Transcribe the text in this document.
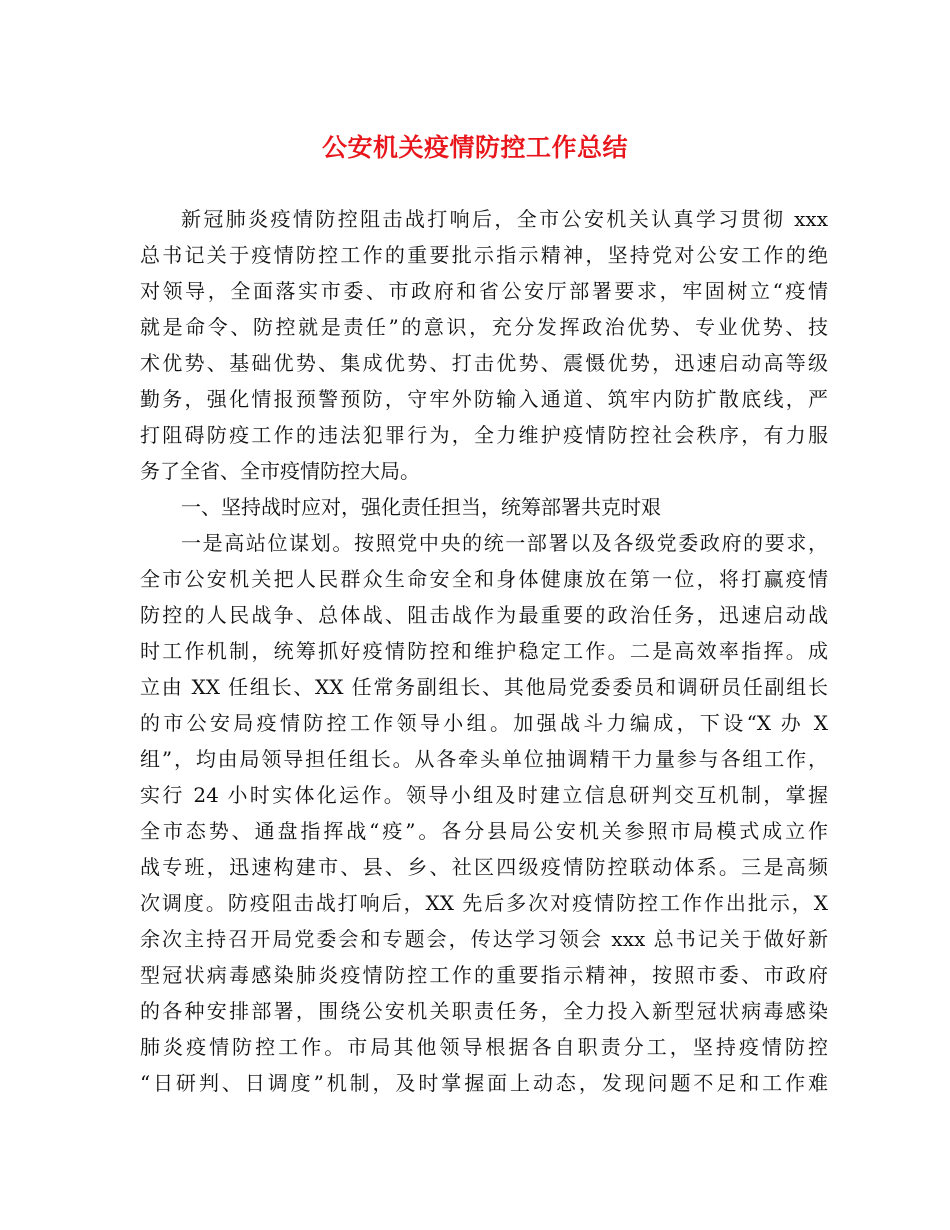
公安机关疫情防控工作总结
新冠肺炎疫情防控阻击战打响后，全市公安机关认真学习贯彻 xxx
总书记关于疫情防控工作的重要批示指示精神，坚持党对公安工作的绝
对领导，全面落实市委、市政府和省公安厅部署要求，牢固树立“疫情
就是命令、防控就是责任”的意识，充分发挥政治优势、专业优势、技
术优势、基础优势、集成优势、打击优势、震慑优势，迅速启动高等级
勤务，强化情报预警预防，守牢外防输入通道、筑牢内防扩散底线，严
打阻碍防疫工作的违法犯罪行为，全力维护疫情防控社会秩序，有力服
务了全省、全市疫情防控大局。
一、坚持战时应对，强化责任担当，统筹部署共克时艰
一是高站位谋划。按照党中央的统一部署以及各级党委政府的要求，
全市公安机关把人民群众生命安全和身体健康放在第一位，将打赢疫情
防控的人民战争、总体战、阻击战作为最重要的政治任务，迅速启动战
时工作机制，统筹抓好疫情防控和维护稳定工作。二是高效率指挥。成
立由 XX 任组长、XX 任常务副组长、其他局党委委员和调研员任副组长
的市公安局疫情防控工作领导小组。加强战斗力编成，下设“X 办 X
组”，均由局领导担任组长。从各牵头单位抽调精干力量参与各组工作，
实行 24 小时实体化运作。领导小组及时建立信息研判交互机制，掌握
全市态势、通盘指挥战“疫”。各分县局公安机关参照市局模式成立作
战专班，迅速构建市、县、乡、社区四级疫情防控联动体系。三是高频
次调度。防疫阻击战打响后，XX 先后多次对疫情防控工作作出批示，X
余次主持召开局党委会和专题会，传达学习领会 xxx 总书记关于做好新
型冠状病毒感染肺炎疫情防控工作的重要指示精神，按照市委、市政府
的各种安排部署，围绕公安机关职责任务，全力投入新型冠状病毒感染
肺炎疫情防控工作。市局其他领导根据各自职责分工，坚持疫情防控
“日研判、日调度”机制，及时掌握面上动态，发现问题不足和工作难
